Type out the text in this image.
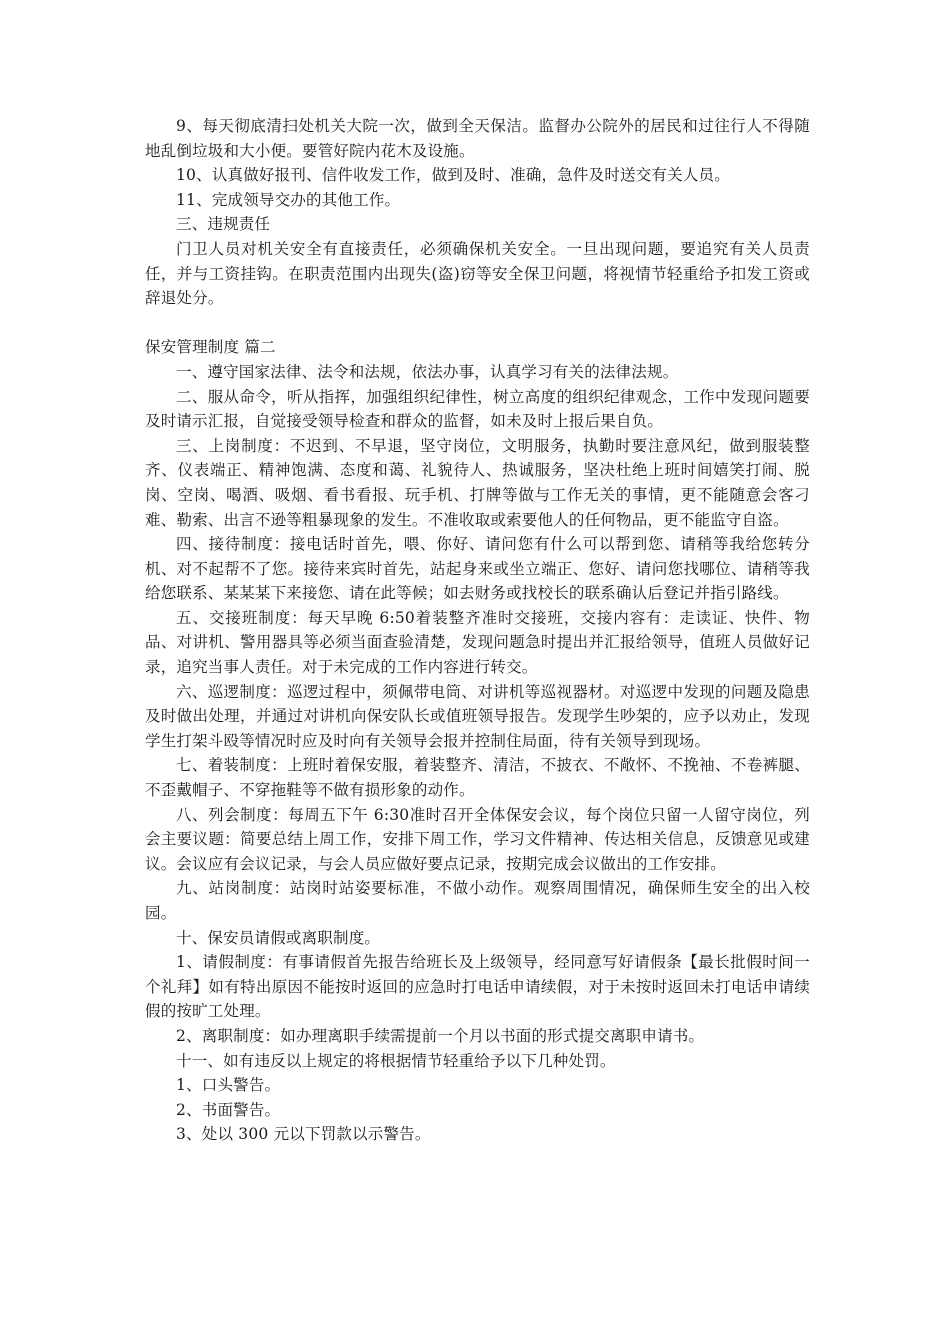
9、每天彻底清扫处机关大院一次，做到全天保洁。监督办公院外的居民和过往行人不得随地乱倒垃圾和大小便。要管好院内花木及设施。

10、认真做好报刊、信件收发工作，做到及时、准确，急件及时送交有关人员。

11、完成领导交办的其他工作。

三、违规责任

门卫人员对机关安全有直接责任，必须确保机关安全。一旦出现问题，要追究有关人员责任，并与工资挂钩。在职责范围内出现失(盗)窃等安全保卫问题，将视情节轻重给予扣发工资或辞退处分。

保安管理制度 篇二

一、遵守国家法律、法令和法规，依法办事，认真学习有关的法律法规。

二、服从命令，听从指挥，加强组织纪律性，树立高度的组织纪律观念，工作中发现问题要及时请示汇报，自觉接受领导检查和群众的监督，如未及时上报后果自负。

三、上岗制度：不迟到、不早退，坚守岗位，文明服务，执勤时要注意风纪，做到服装整齐、仪表端正、精神饱满、态度和蔼、礼貌待人、热诚服务，坚决杜绝上班时间嬉笑打闹、脱岗、空岗、喝酒、吸烟、看书看报、玩手机、打牌等做与工作无关的事情，更不能随意会客刁难、勒索、出言不逊等粗暴现象的发生。不准收取或索要他人的任何物品，更不能监守自盗。

四、接待制度：接电话时首先，喂、你好、请问您有什么可以帮到您、请稍等我给您转分机、对不起帮不了您。接待来宾时首先，站起身来或坐立端正、您好、请问您找哪位、请稍等我给您联系、某某某下来接您、请在此等候；如去财务或找校长的联系确认后登记并指引路线。

五、交接班制度：每天早晚 6:50着装整齐准时交接班，交接内容有：走读证、快件、物品、对讲机、警用器具等必须当面查验清楚，发现问题急时提出并汇报给领导，值班人员做好记录，追究当事人责任。对于未完成的工作内容进行转交。

六、巡逻制度：巡逻过程中，须佩带电筒、对讲机等巡视器材。对巡逻中发现的问题及隐患及时做出处理，并通过对讲机向保安队长或值班领导报告。发现学生吵架的，应予以劝止，发现学生打架斗殴等情况时应及时向有关领导会报并控制住局面，待有关领导到现场。

七、着装制度：上班时着保安服，着装整齐、清洁，不披衣、不敞怀、不挽袖、不卷裤腿、不歪戴帽子、不穿拖鞋等不做有损形象的动作。

八、列会制度：每周五下午 6:30准时召开全体保安会议，每个岗位只留一人留守岗位，列会主要议题：简要总结上周工作，安排下周工作，学习文件精神、传达相关信息，反馈意见或建议。会议应有会议记录，与会人员应做好要点记录，按期完成会议做出的工作安排。

九、站岗制度：站岗时站姿要标准，不做小动作。观察周围情况，确保师生安全的出入校园。

十、保安员请假或离职制度。

1、请假制度：有事请假首先报告给班长及上级领导，经同意写好请假条【最长批假时间一个礼拜】如有特出原因不能按时返回的应急时打电话申请续假，对于未按时返回未打电话申请续假的按旷工处理。

2、离职制度：如办理离职手续需提前一个月以书面的形式提交离职申请书。

十一、如有违反以上规定的将根据情节轻重给予以下几种处罚。

1、口头警告。

2、书面警告。

3、处以 300 元以下罚款以示警告。
